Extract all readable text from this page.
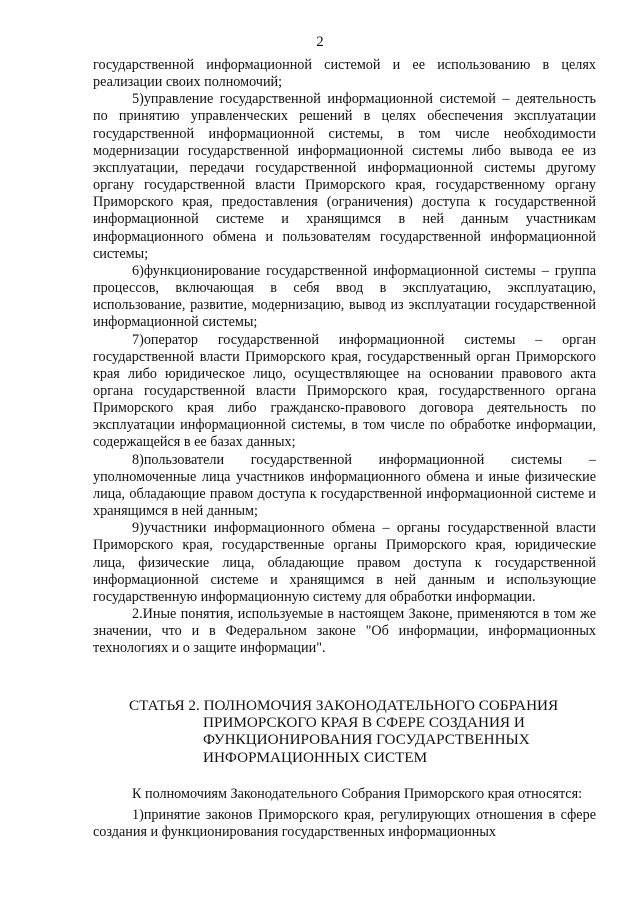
2

государственной информационной системой и ее использованию в целях реализации своих полномочий;

5)управление государственной информационной системой – деятельность по принятию управленческих решений в целях обеспечения эксплуатации государственной информационной системы, в том числе необходимости модернизации государственной информационной системы либо вывода ее из эксплуатации, передачи государственной информационной системы другому органу государственной власти Приморского края, государственному органу Приморского края, предоставления (ограничения) доступа к государственной информационной системе и хранящимся в ней данным участникам информационного обмена и пользователям государственной информационной системы;

6)функционирование государственной информационной системы – группа процессов, включающая в себя ввод в эксплуатацию, эксплуатацию, использование, развитие, модернизацию, вывод из эксплуатации государственной информационной системы;

7)оператор государственной информационной системы – орган государственной власти Приморского края, государственный орган Приморского края либо юридическое лицо, осуществляющее на основании правового акта органа государственной власти Приморского края, государственного органа Приморского края либо гражданско-правового договора деятельность по эксплуатации информационной системы, в том числе по обработке информации, содержащейся в ее базах данных;

8)пользователи государственной информационной системы – уполномоченные лица участников информационного обмена и иные физические лица, обладающие правом доступа к государственной информационной системе и хранящимся в ней данным;

9)участники информационного обмена – органы государственной власти Приморского края, государственные органы Приморского края, юридические лица, физические лица, обладающие правом доступа к государственной информационной системе и хранящимся в ней данным и использующие государственную информационную систему для обработки информации.

2.Иные понятия, используемые в настоящем Законе, применяются в том же значении, что и в Федеральном законе "Об информации, информационных технологиях и о защите информации".

СТАТЬЯ 2. ПОЛНОМОЧИЯ ЗАКОНОДАТЕЛЬНОГО СОБРАНИЯ
ПРИМОРСКОГО КРАЯ В СФЕРЕ СОЗДАНИЯ И
ФУНКЦИОНИРОВАНИЯ ГОСУДАРСТВЕННЫХ
ИНФОРМАЦИОННЫХ СИСТЕМ

К полномочиям Законодательного Собрания Приморского края относятся:

1)принятие законов Приморского края, регулирующих отношения в сфере создания и функционирования государственных информационных
